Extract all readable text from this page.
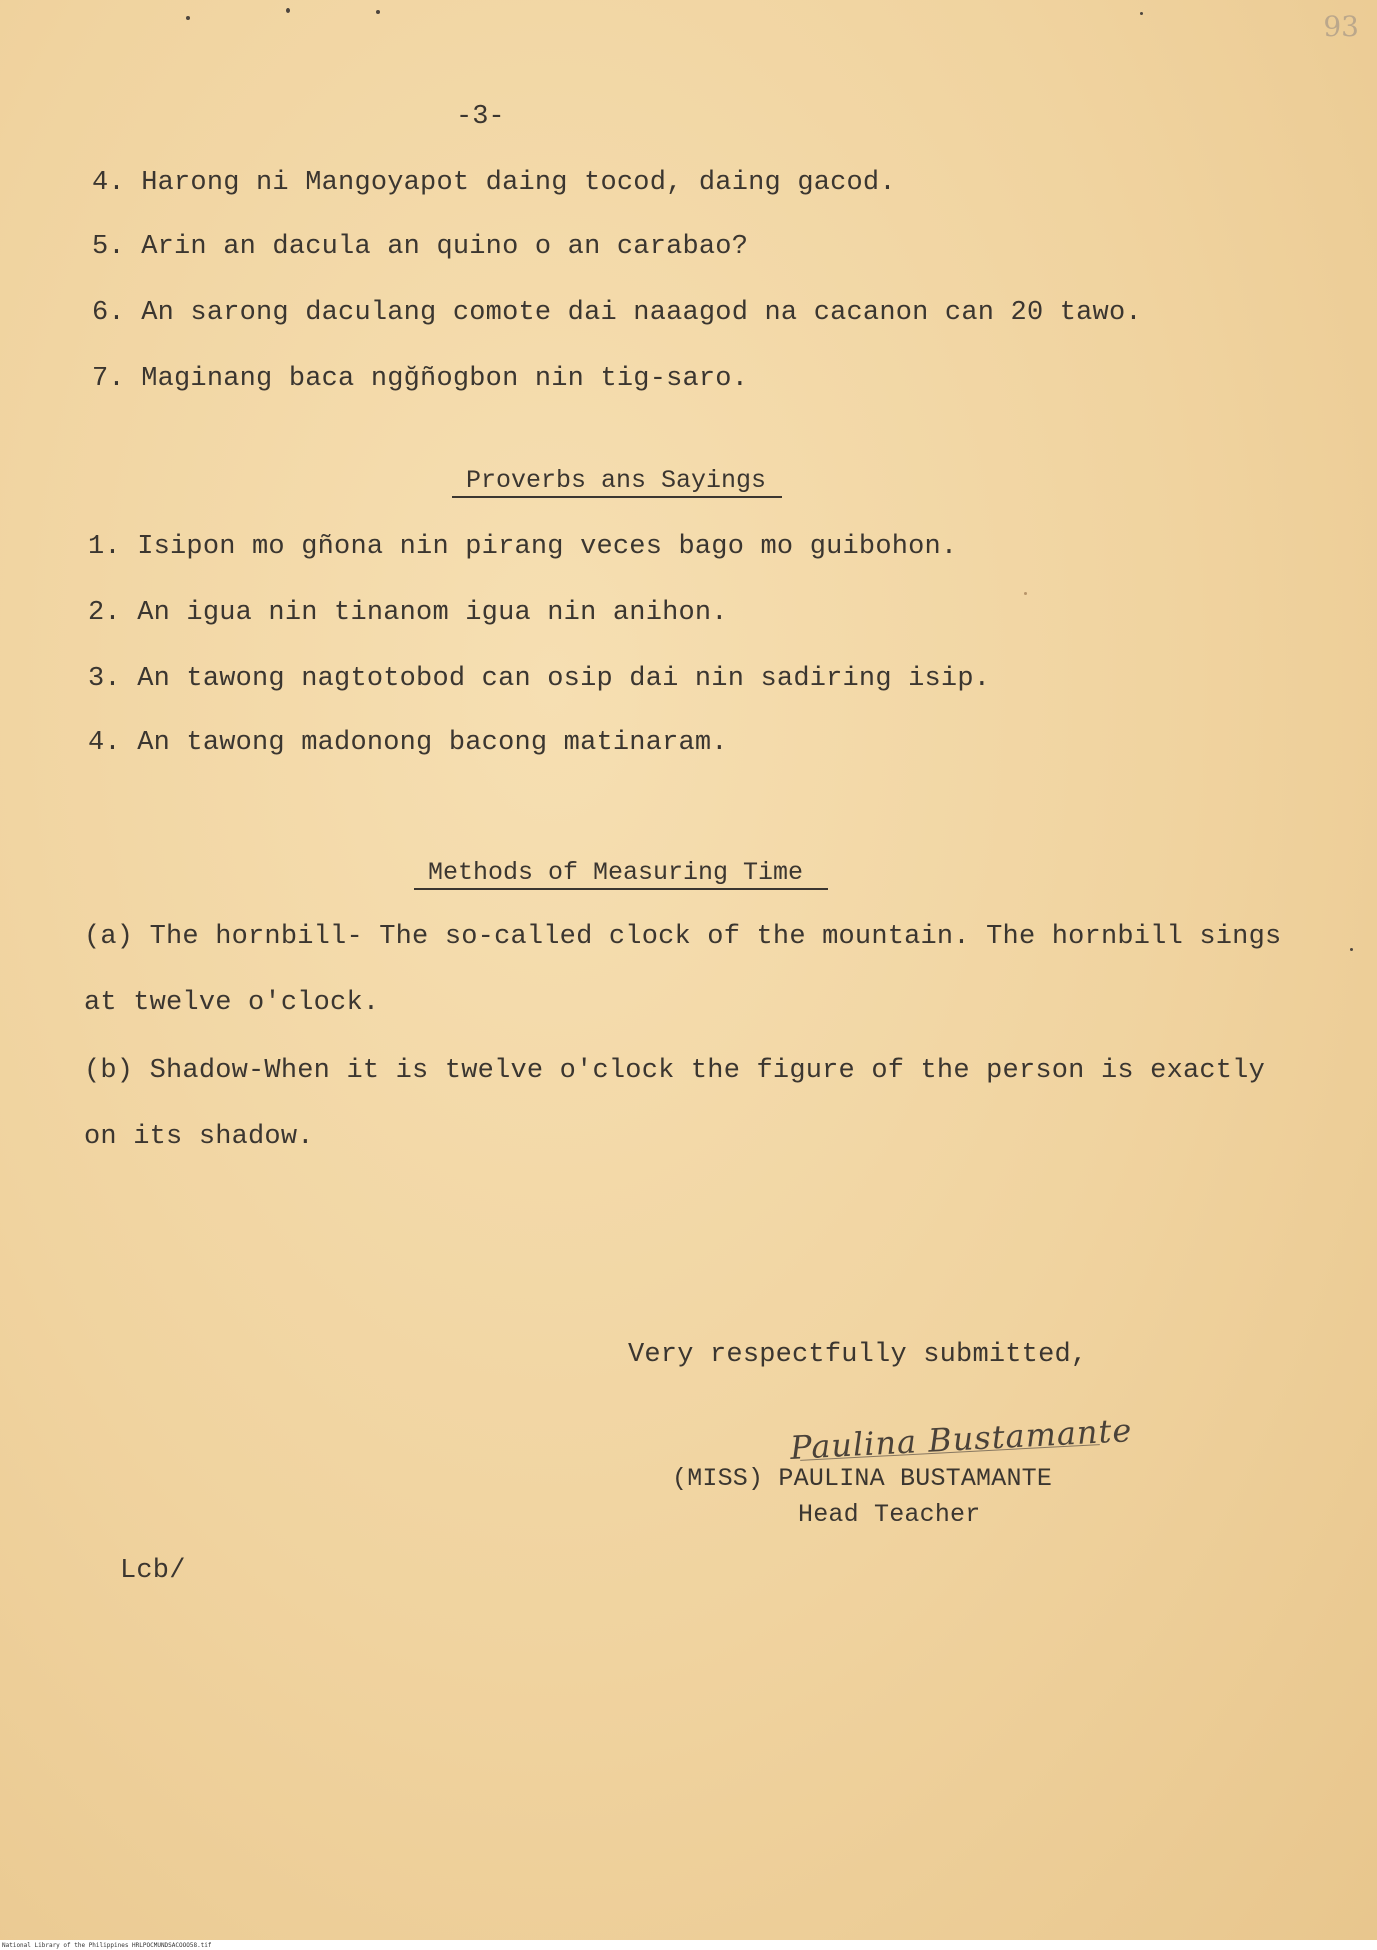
93
-3-
4. Harong ni Mangoyapot daing tocod, daing gacod.
5. Arin an dacula an quino o an carabao?
6. An sarong daculang comote dai naaagod na cacanon can 20 tawo.
7. Maginang baca ngğñogbon nin tig-saro.
Proverbs ans Sayings
1. Isipon mo gñona nin pirang veces bago mo guibohon.
2. An igua nin tinanom igua nin anihon.
3. An tawong nagtotobod can osip dai nin sadiring isip.
4. An tawong madonong bacong matinaram.
Methods of Measuring Time
(a) The hornbill- The so-called clock of the mountain. The hornbill sings
at twelve o'clock.
(b) Shadow-When it is twelve o'clock the figure of the person is exactly
on its shadow.
Very respectfully submitted,
Paulina Bustamante
(MISS) PAULINA BUSTAMANTE
Head Teacher
Lcb/
National Library of the Philippines HRLPOCMUNDSACOOO58.tif
